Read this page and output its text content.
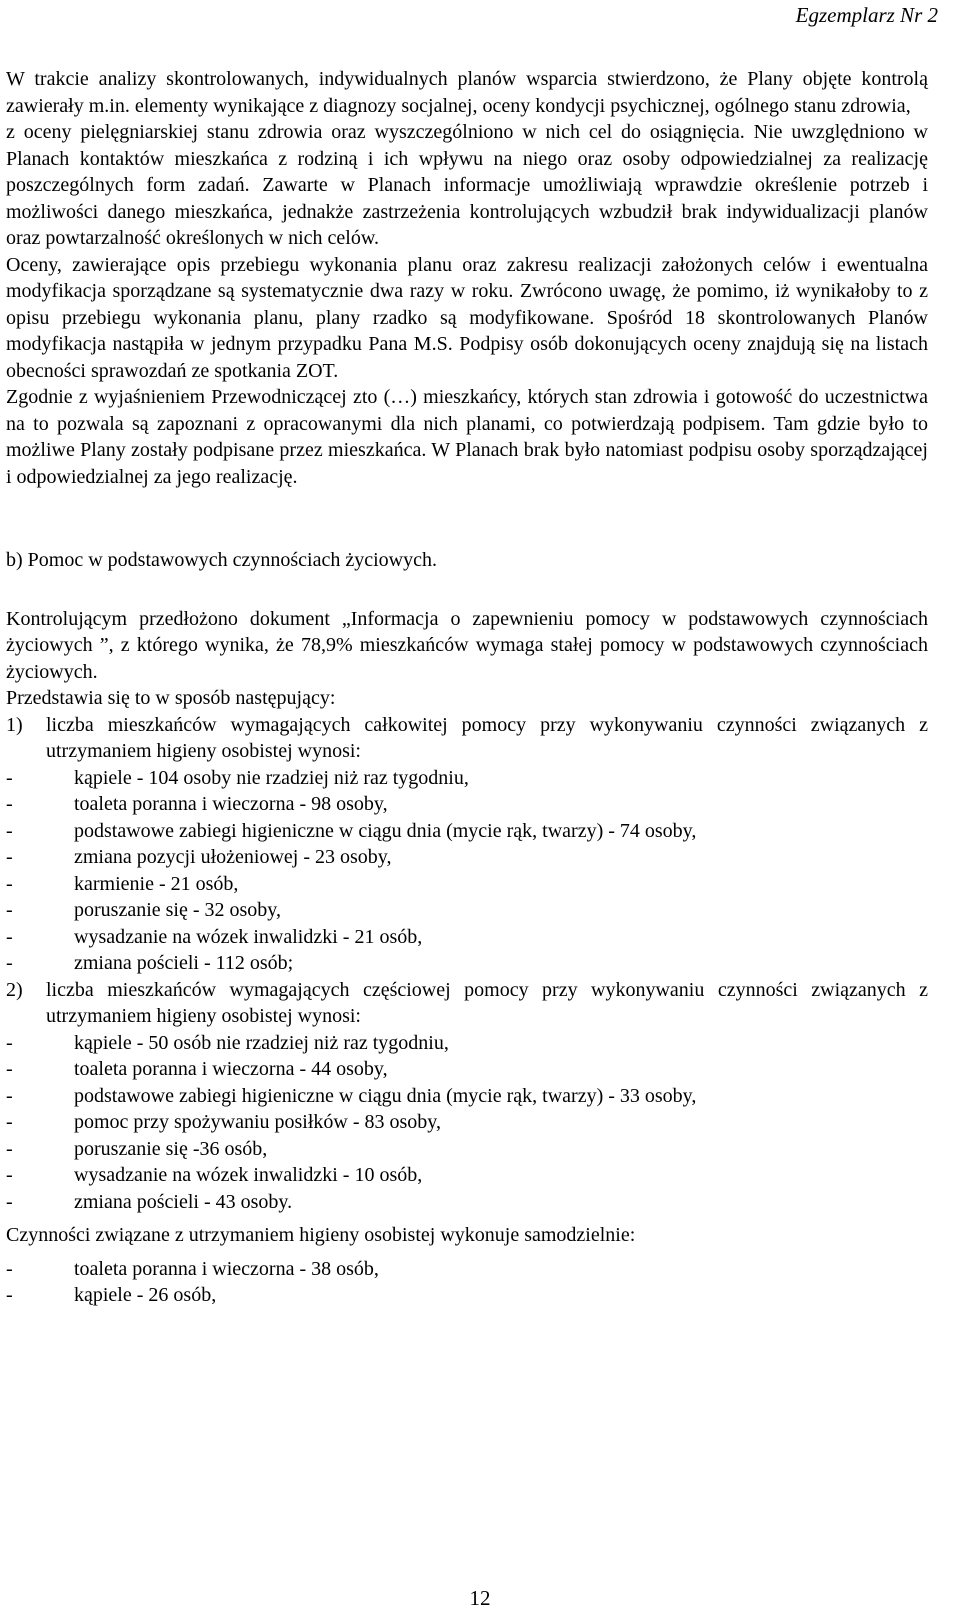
Egzemplarz Nr 2

W trakcie analizy skontrolowanych, indywidualnych planów wsparcia stwierdzono, że Plany objęte kontrolą zawierały m.in. elementy wynikające z diagnozy socjalnej, oceny kondycji psychicznej, ogólnego stanu zdrowia,

z oceny pielęgniarskiej stanu zdrowia oraz wyszczególniono w nich cel do osiągnięcia. Nie uwzględniono w Planach kontaktów mieszkańca z rodziną i ich wpływu na niego oraz osoby odpowiedzialnej za realizację poszczególnych form zadań. Zawarte w Planach informacje umożliwiają wprawdzie określenie potrzeb i możliwości danego mieszkańca, jednakże zastrzeżenia kontrolujących wzbudził brak indywidualizacji planów oraz powtarzalność określonych w nich celów.

Oceny, zawierające opis przebiegu wykonania planu oraz zakresu realizacji założonych celów i ewentualna modyfikacja sporządzane są systematycznie dwa razy w roku. Zwrócono uwagę, że pomimo, iż wynikałoby to z opisu przebiegu wykonania planu, plany rzadko są modyfikowane. Spośród 18 skontrolowanych Planów modyfikacja nastąpiła w jednym przypadku Pana M.S. Podpisy osób dokonujących oceny znajdują się na listach obecności sprawozdań ze spotkania ZOT.

Zgodnie z wyjaśnieniem Przewodniczącej zto (…) mieszkańcy, których stan zdrowia i gotowość do uczestnictwa na to pozwala są zapoznani z opracowanymi dla nich planami, co potwierdzają podpisem. Tam gdzie było to możliwe Plany zostały podpisane przez mieszkańca. W Planach brak było natomiast podpisu osoby sporządzającej i odpowiedzialnej za jego realizację.

b) Pomoc w podstawowych czynnościach życiowych.

Kontrolującym przedłożono dokument „Informacja o zapewnieniu pomocy w podstawowych czynnościach życiowych ”, z którego wynika, że 78,9% mieszkańców wymaga stałej pomocy w podstawowych czynnościach życiowych.

Przedstawia się to w sposób następujący:

1)	liczba mieszkańców wymagających całkowitej pomocy przy wykonywaniu czynności związanych z utrzymaniem higieny osobistej wynosi:
-	kąpiele - 104 osoby nie rzadziej niż raz tygodniu,
-	toaleta poranna i wieczorna - 98 osoby,
-	podstawowe zabiegi higieniczne w ciągu dnia (mycie rąk, twarzy) - 74 osoby,
-	zmiana pozycji ułożeniowej - 23 osoby,
-	karmienie - 21 osób,
-	poruszanie się - 32 osoby,
-	wysadzanie na wózek inwalidzki - 21 osób,
-	zmiana pościeli - 112 osób;
2)	liczba mieszkańców wymagających częściowej pomocy przy wykonywaniu czynności związanych z utrzymaniem higieny osobistej wynosi:
-	kąpiele - 50 osób nie rzadziej niż raz tygodniu,
-	toaleta poranna i wieczorna - 44 osoby,
-	podstawowe zabiegi higieniczne w ciągu dnia (mycie rąk, twarzy) - 33 osoby,
-	pomoc przy spożywaniu posiłków - 83 osoby,
-	poruszanie się -36 osób,
-	wysadzanie na wózek inwalidzki - 10 osób,
-	zmiana pościeli - 43 osoby.

Czynności związane z utrzymaniem higieny osobistej wykonuje samodzielnie:

-	toaleta poranna i wieczorna - 38 osób,
-	kąpiele - 26 osób,
12
